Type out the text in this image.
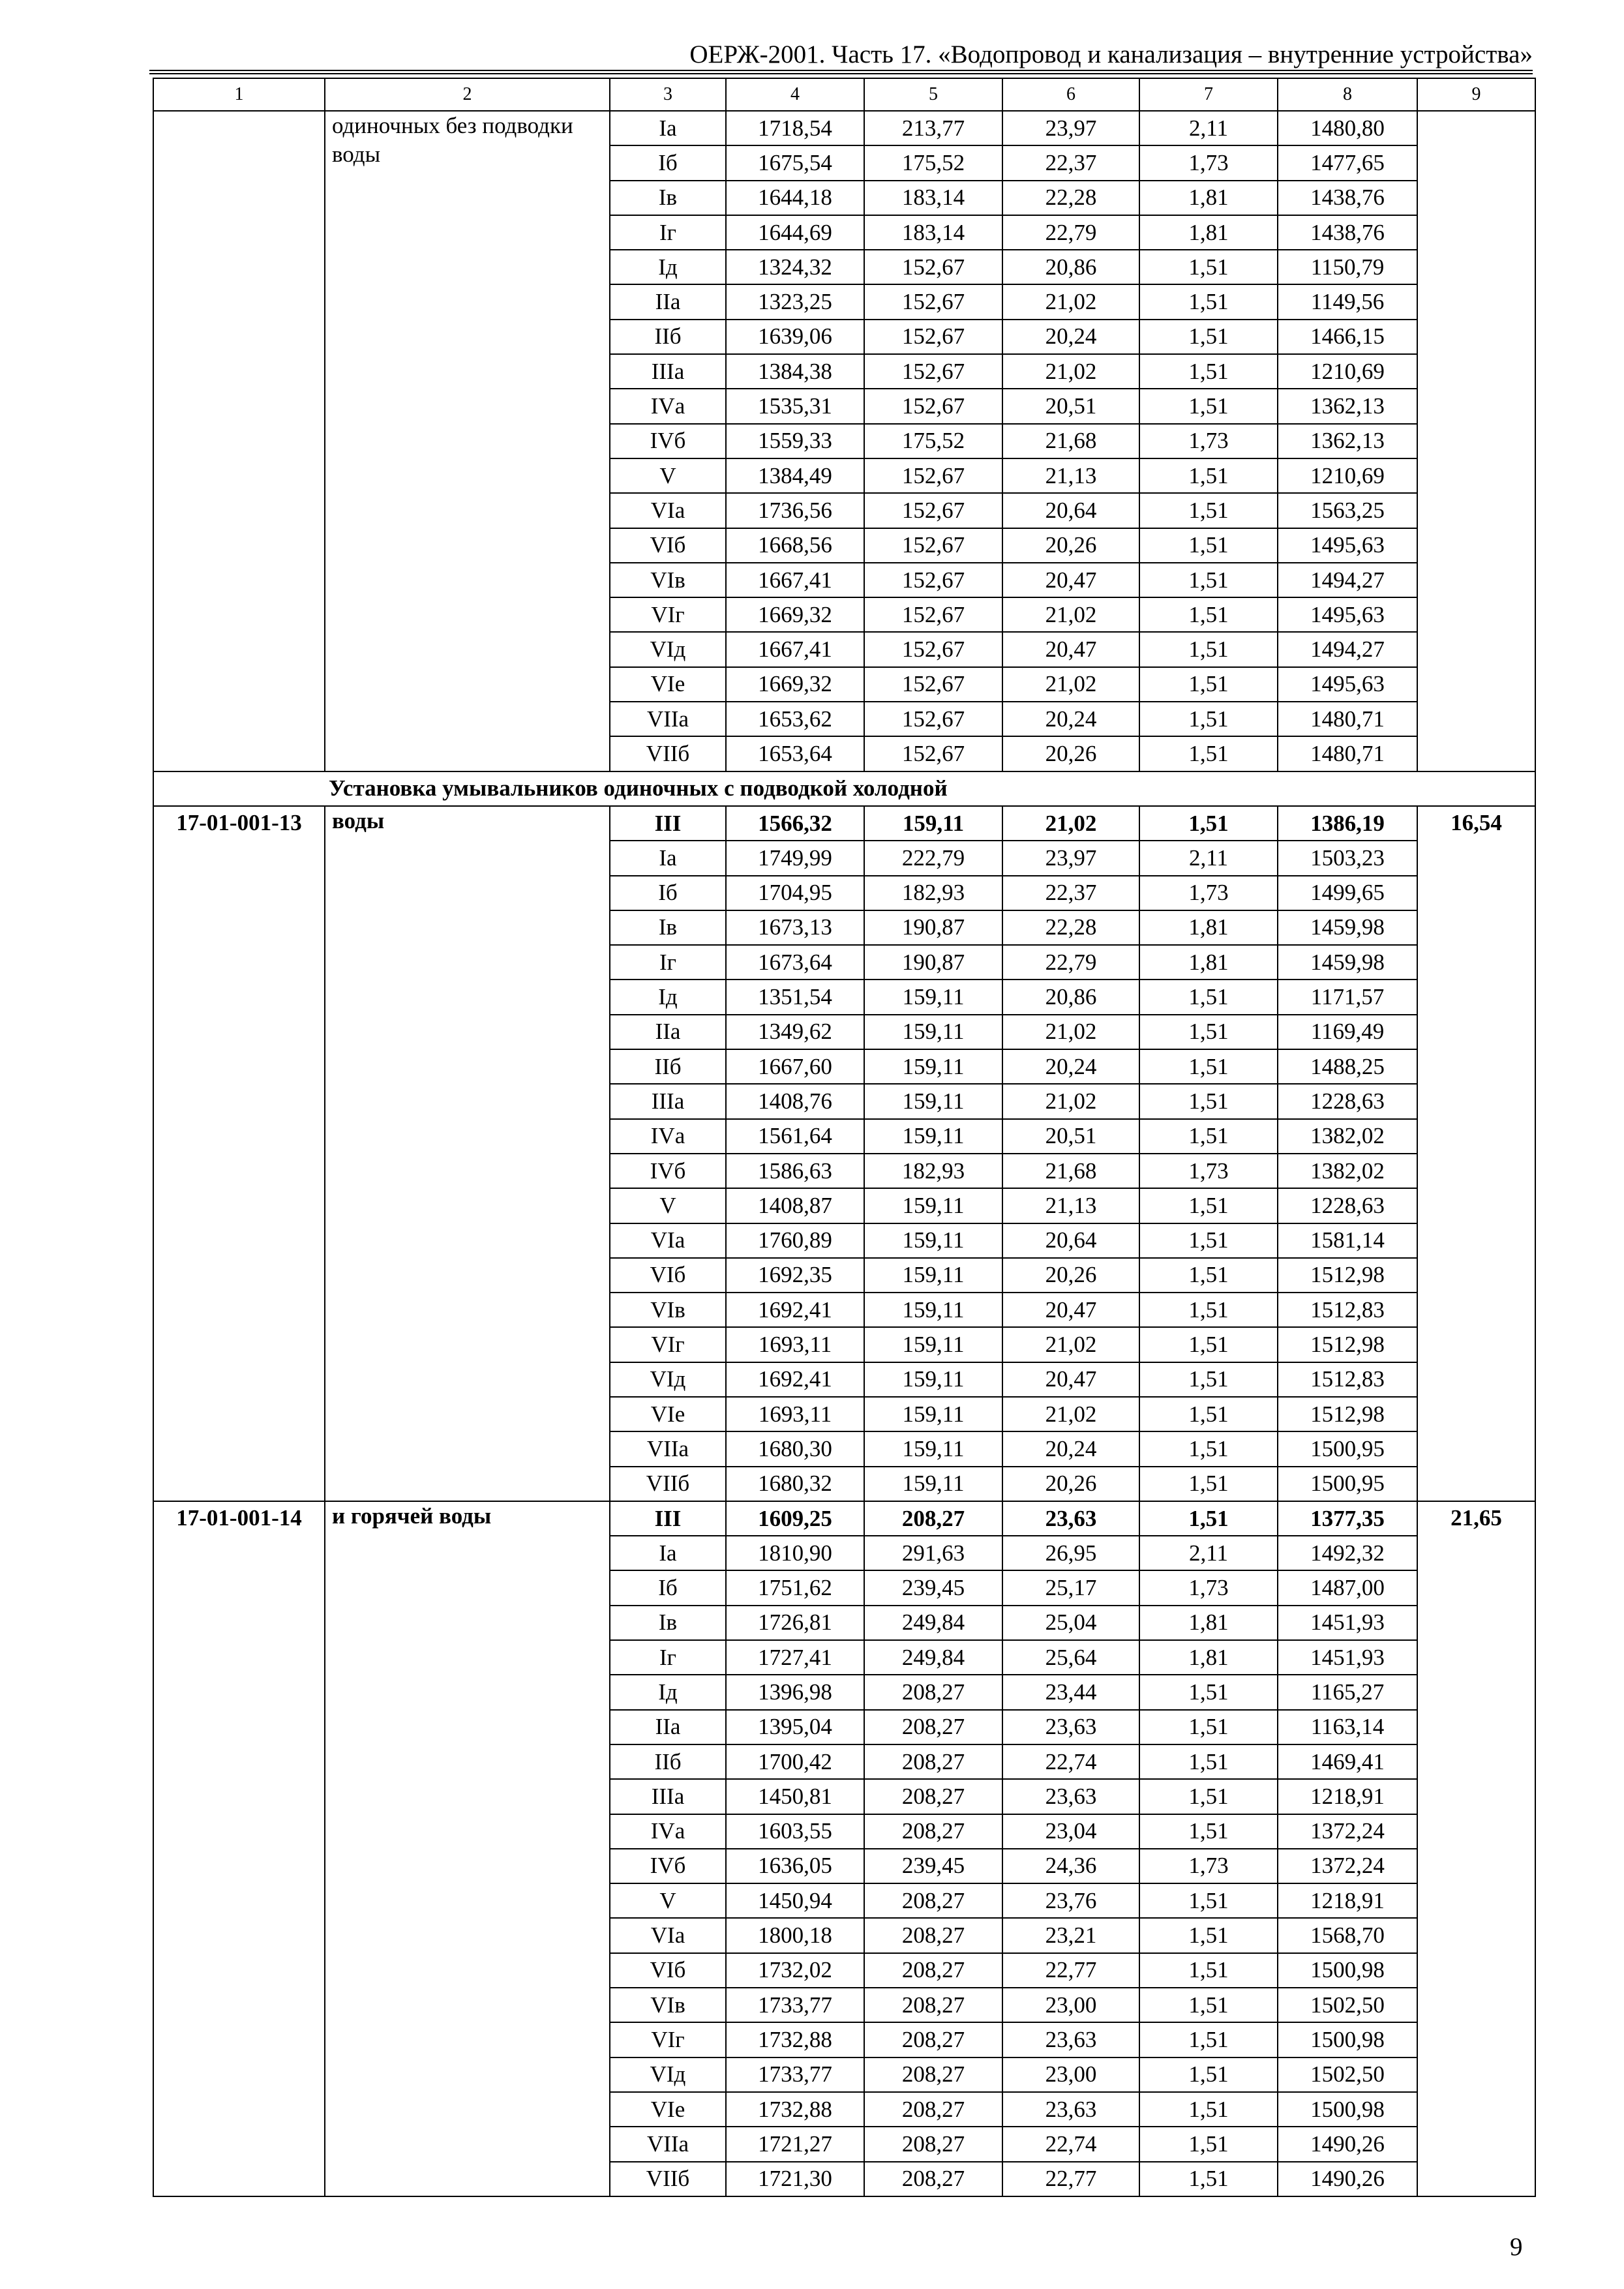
ОЕРЖ-2001. Часть 17. «Водопровод и канализация – внутренние устройства»
1	2	3	4	5	6	7	8	9
	одиночных без подводки воды	Iа	1718,54	213,77	23,97	2,11	1480,80	
		Iб	1675,54	175,52	22,37	1,73	1477,65	
		Iв	1644,18	183,14	22,28	1,81	1438,76	
		Iг	1644,69	183,14	22,79	1,81	1438,76	
		Iд	1324,32	152,67	20,86	1,51	1150,79	
		IIа	1323,25	152,67	21,02	1,51	1149,56	
		IIб	1639,06	152,67	20,24	1,51	1466,15	
		IIIа	1384,38	152,67	21,02	1,51	1210,69	
		IVа	1535,31	152,67	20,51	1,51	1362,13	
		IVб	1559,33	175,52	21,68	1,73	1362,13	
		V	1384,49	152,67	21,13	1,51	1210,69	
		VIа	1736,56	152,67	20,64	1,51	1563,25	
		VIб	1668,56	152,67	20,26	1,51	1495,63	
		VIв	1667,41	152,67	20,47	1,51	1494,27	
		VIг	1669,32	152,67	21,02	1,51	1495,63	
		VIд	1667,41	152,67	20,47	1,51	1494,27	
		VIе	1669,32	152,67	21,02	1,51	1495,63	
		VIIа	1653,62	152,67	20,24	1,51	1480,71	
		VIIб	1653,64	152,67	20,26	1,51	1480,71	
Установка умывальников одиночных с подводкой холодной								
17-01-001-13	воды	III	1566,32	159,11	21,02	1,51	1386,19	16,54
		Iа	1749,99	222,79	23,97	2,11	1503,23	
		Iб	1704,95	182,93	22,37	1,73	1499,65	
		Iв	1673,13	190,87	22,28	1,81	1459,98	
		Iг	1673,64	190,87	22,79	1,81	1459,98	
		Iд	1351,54	159,11	20,86	1,51	1171,57	
		IIа	1349,62	159,11	21,02	1,51	1169,49	
		IIб	1667,60	159,11	20,24	1,51	1488,25	
		IIIа	1408,76	159,11	21,02	1,51	1228,63	
		IVа	1561,64	159,11	20,51	1,51	1382,02	
		IVб	1586,63	182,93	21,68	1,73	1382,02	
		V	1408,87	159,11	21,13	1,51	1228,63	
		VIа	1760,89	159,11	20,64	1,51	1581,14	
		VIб	1692,35	159,11	20,26	1,51	1512,98	
		VIв	1692,41	159,11	20,47	1,51	1512,83	
		VIг	1693,11	159,11	21,02	1,51	1512,98	
		VIд	1692,41	159,11	20,47	1,51	1512,83	
		VIе	1693,11	159,11	21,02	1,51	1512,98	
		VIIа	1680,30	159,11	20,24	1,51	1500,95	
		VIIб	1680,32	159,11	20,26	1,51	1500,95	
17-01-001-14	и горячей воды	III	1609,25	208,27	23,63	1,51	1377,35	21,65
		Iа	1810,90	291,63	26,95	2,11	1492,32	
		Iб	1751,62	239,45	25,17	1,73	1487,00	
		Iв	1726,81	249,84	25,04	1,81	1451,93	
		Iг	1727,41	249,84	25,64	1,81	1451,93	
		Iд	1396,98	208,27	23,44	1,51	1165,27	
		IIа	1395,04	208,27	23,63	1,51	1163,14	
		IIб	1700,42	208,27	22,74	1,51	1469,41	
		IIIа	1450,81	208,27	23,63	1,51	1218,91	
		IVа	1603,55	208,27	23,04	1,51	1372,24	
		IVб	1636,05	239,45	24,36	1,73	1372,24	
		V	1450,94	208,27	23,76	1,51	1218,91	
		VIа	1800,18	208,27	23,21	1,51	1568,70	
		VIб	1732,02	208,27	22,77	1,51	1500,98	
		VIв	1733,77	208,27	23,00	1,51	1502,50	
		VIг	1732,88	208,27	23,63	1,51	1500,98	
		VIд	1733,77	208,27	23,00	1,51	1502,50	
		VIе	1732,88	208,27	23,63	1,51	1500,98	
		VIIа	1721,27	208,27	22,74	1,51	1490,26	
		VIIб	1721,30	208,27	22,77	1,51	1490,26	
9
